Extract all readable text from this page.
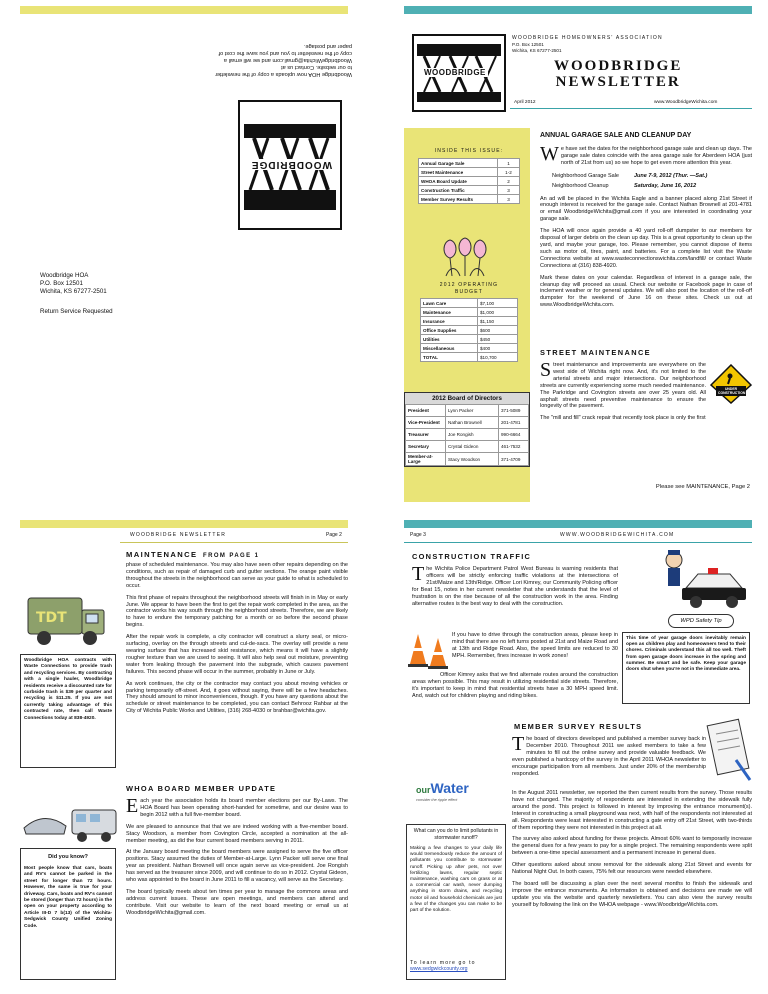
Woodbridge HOA now uploads a copy of the newsletter to our website. Contact us at WoodbridgeWichita@gmail.com and we will email a copy of the newsletter to you and you save the cost of paper and postage.
WOODBRIDGE
Woodbridge HOA
P.O. Box 12501
Wichita, KS 67277-2501
Return Service Requested
WOODBRIDGE
WOODBRIDGE HOMEOWNERS' ASSOCIATION
P.O. Box 12501
Wichita, KS 67277-2501
WOODBRIDGE
NEWSLETTER
April 2012	www.WoodbridgeWichita.com
INSIDE THIS ISSUE:
Annual Garage Sale	1
Street Maintenance	1-2
WHOA Board Update	2
Construction Traffic	3
Member Survey Results	3
2012 OPERATING
BUDGET
Lawn Care	$7,100
Maintenance	$1,000
Insurance	$1,150
Office Supplies	$600
Utilities	$450
Miscellaneous	$400
TOTAL	$10,700
2012 Board of Directors
President	Lynn Packer	371-5089
Vice-President	Nathan Brownell	201-4781
Treasurer	Joe Rongish	990-6664
Secretary	Crystal Gideon	461-7532
Member-at-Large	Stacy Woodson	371-4709
ANNUAL GARAGE SALE AND CLEANUP DAY
W e have set the dates for the neighborhood garage sale and clean up days. The garage sale dates coincide with the area garage sale for Aberdeen HOA (just north of 21st from us) so we hope to get even more attention this year.
Neighborhood Garage Sale	June 7-9, 2012 (Thur. —Sat.)
Neighborhood Cleanup	Saturday, June 16, 2012

An ad will be placed in the Wichita Eagle and a banner placed along 21st Street if enough interest is received for the garage sale. Contact Nathan Brownell at 201-4781 or email WoodbridgeWichita@gmail.com if you are interested in coordinating your garage sale.

The HOA will once again provide a 40 yard roll-off dumpster to our members for disposal of larger debris on the clean up day. This is a great opportunity to clean up the yard, and maybe your garage, too. Please remember, you cannot dispose of items such as motor oil, tires, paint, and batteries. For a complete list visit the Waste Connections website at www.wasteconnectionswichita.com/landfill/ or contact Waste Connections at (316) 838-4920.

Mark these dates on your calendar. Regardless of interest in a garage sale, the cleanup day will proceed as usual. Check our website or Facebook page in case of inclement weather or for general updates. We will also post the location of the roll-off dumpster for the weekend of June 16 on these sites. Check us out at www.WoodbridgeWichita.com.

STREET MAINTENANCE
S treet maintenance and improvements are everywhere on the west side of Wichita right now. And, it's not limited to the arterial streets and major intersections. Our neighborhood streets are currently experiencing some much needed maintenance. The Parkridge and Covington streets are over 25 years old. All asphalt streets need preventive maintenance to ensure the longevity of the pavement.

The "mill and fill" crack repair that recently took place is only the first

UNDER CONSTRUCTION
Please see MAINTENANCE, Page 2
WOODBRIDGE NEWSLETTER	Page 2
MAINTENANCE FROM PAGE 1

phase of scheduled maintenance. You may also have seen other repairs depending on the conditions, such as repair of damaged curb and gutter sections. The orange paint visible throughout the streets in the neighborhood can serve as your guide to what is scheduled to occur.

This first phase of repairs throughout the neighborhood streets will finish in in May or early June. We appear to have been the first to get the repair work completed in the area, as the contractor works his way south through the neighborhood streets. Therefore, we are likely to have to endure the temporary patching for a month or so before the second phase begins.

After the repair work is complete, a city contractor will construct a slurry seal, or micro-surfacing, overlay on the through streets and cul-de-sacs. The overlay will provide a new wearing surface that has increased skid resistance, which means it will have a slightly rougher texture than we are used to seeing. It will also help seal out moisture, preventing water from leaking through the pavement into the subgrade, which causes pavement failures. This second phase will occur in the summer, probably in June or July.

As work continues, the city or the contractor may contact you about moving vehicles or parking temporarily off-street. And, it goes without saying, there will be a few headaches. They should amount to minor inconveniences, though. If you have any questions about the schedule or street maintenance to be completed, you can contact Behrooz Rahbar at the City of Wichita Public Works and Utilities, (316) 268-4030 or brahbar@wichita.gov.

TDT
Woodbridge HOA contracts with Waste Connections to provide trash and recycling services. By contracting with a single hauler, Woodbridge residents receive a discounted rate for curbside trash is $39 per quarter and recycling is $11.25. If you are not currently taking advantage of this contracted rate, then call Waste Connections today at 838-4920.
WHOA BOARD MEMBER UPDATE
E ach year the association holds its board member elections per our By-Laws. The HOA Board has been operating short-handed for sometime, and our desire was to begin 2012 with a full five-member board.

We are pleased to announce that that we are indeed working with a five-member board. Stacy Woodson, a member from Covington Circle, accepted a nomination at the all-member meeting, as did the four current board members serving in 2011.

At the January board meeting the board members were assigned to serve the five officer positions. Stacy assumed the duties of Member-at-Large. Lynn Packer will serve one final year as president. Nathan Brownell will once again serve as vice-president. Joe Rongish has served as the treasurer since 2009, and will continue to do so in 2012. Crystal Gideon, who was appointed to the board in June 2011 to fill a vacancy, will serve as the Secretary.

The board typically meets about ten times per year to manage the commons areas and address current issues. These are open meetings, and members can attend and contribute. Visit our website to learn of the next board meeting or email us at WoodbridgeWichita@gmail.com.

Did you know?
Most people know that cars, boats and RV's cannot be parked in the street for longer than 72 hours. However, the same is true for your driveway. Cars, boats and RV's cannot be stored (longer than 72 hours) in the open on your property according to Article III-D 7 b(13) of the Wichita-Sedgwick County Unified Zoning Code.
Page 3	WWW.WOODBRIDGEWICHITA.COM
CONSTRUCTION TRAFFIC
T he Wichita Police Department Patrol West Bureau is warning residents that officers will be strictly enforcing traffic violations at the intersections of 21st/Maize and 13th/Ridge. Officer Lori Kimrey, our Community Policing officer for Beat 15, notes in her current newsletter that she understands that the level of frustration is on the rise because of all the construction work in the area. Finding alternative routes is the best way to deal with the construction.

If you have to drive through the construction areas, please keep in mind that there are no left turns posted at 21st and Maize Road and at 13th and Ridge Road. Also, the speed limits are reduced to 30 MPH. Remember, fines increase in work zones!

Officer Kimrey asks that we find alternate routes around the construction areas when possible. This may result in utilizing residential side streets. Therefore, it's important to keep in mind that residential streets have a 30 MPH speed limit. And, watch out for children playing and riding bikes.

WPD Safety Tip
This time of year garage doors inevitably remain open as children play and homeowners tend to their chores. Criminals understand this all too well. Theft from open garage doors increase in the spring and summer. Be smart and be safe. Keep your garage doors shut when you're not in the immediate area.
MEMBER SURVEY RESULTS
T he board of directors developed and published a member survey back in December 2010. Throughout 2011 we asked members to take a few minutes to fill out the online survey and provide valuable feedback. We even published a hardcopy of the survey in the April 2011 WHOA newsletter to encourage participation from all members. Just under 20% of the membership responded.

In the August 2011 newsletter, we reported the then current results from the survey. Those results have not changed. The majority of respondents are interested in extending the sidewalk fully around the pond. This project is followed in interest by improving the entrance monument(s). Interest in constructing a small playground was next, with half of the respondents not interested at all. Respondents were least interested in constructing a gate entry off 21st Street, with two-thirds of them reporting they were not interested in this project at all.

The survey also asked about funding for these projects. Almost 60% want to temporarily increase the general dues for a few years to pay for a single project. The remaining respondents were split between a one-time special assessment and a permanent increase in general dues.

Other questions asked about snow removal for the sidewalk along 21st Street and events for National Night Out. In both cases, 75% felt our resources were needed elsewhere.

The board will be discussing a plan over the next several months to finish the sidewalk and improve the entrance monuments. As information is obtained and decisions are made we will update you via the website and quarterly newsletters. You can also view the survey results yourself by following the link on the WHOA webpage - www.WoodbridgeWichita.com.

ourWater
consider the ripple effect
What can you do to limit pollutants in stormwater runoff?
Making a few changes to your daily life would tremendously reduce the amount of pollutants you contribute to stormwater runoff. Picking up after pets, not over fertilizing lawns, regular septic maintenance, washing cars on grass or at a commercial car wash, never dumping anything in storm drains, and recycling motor oil and household chemicals are just a few of the changes you can make to be part of the solution.
To learn more go to
www.sedgwickcounty.org
